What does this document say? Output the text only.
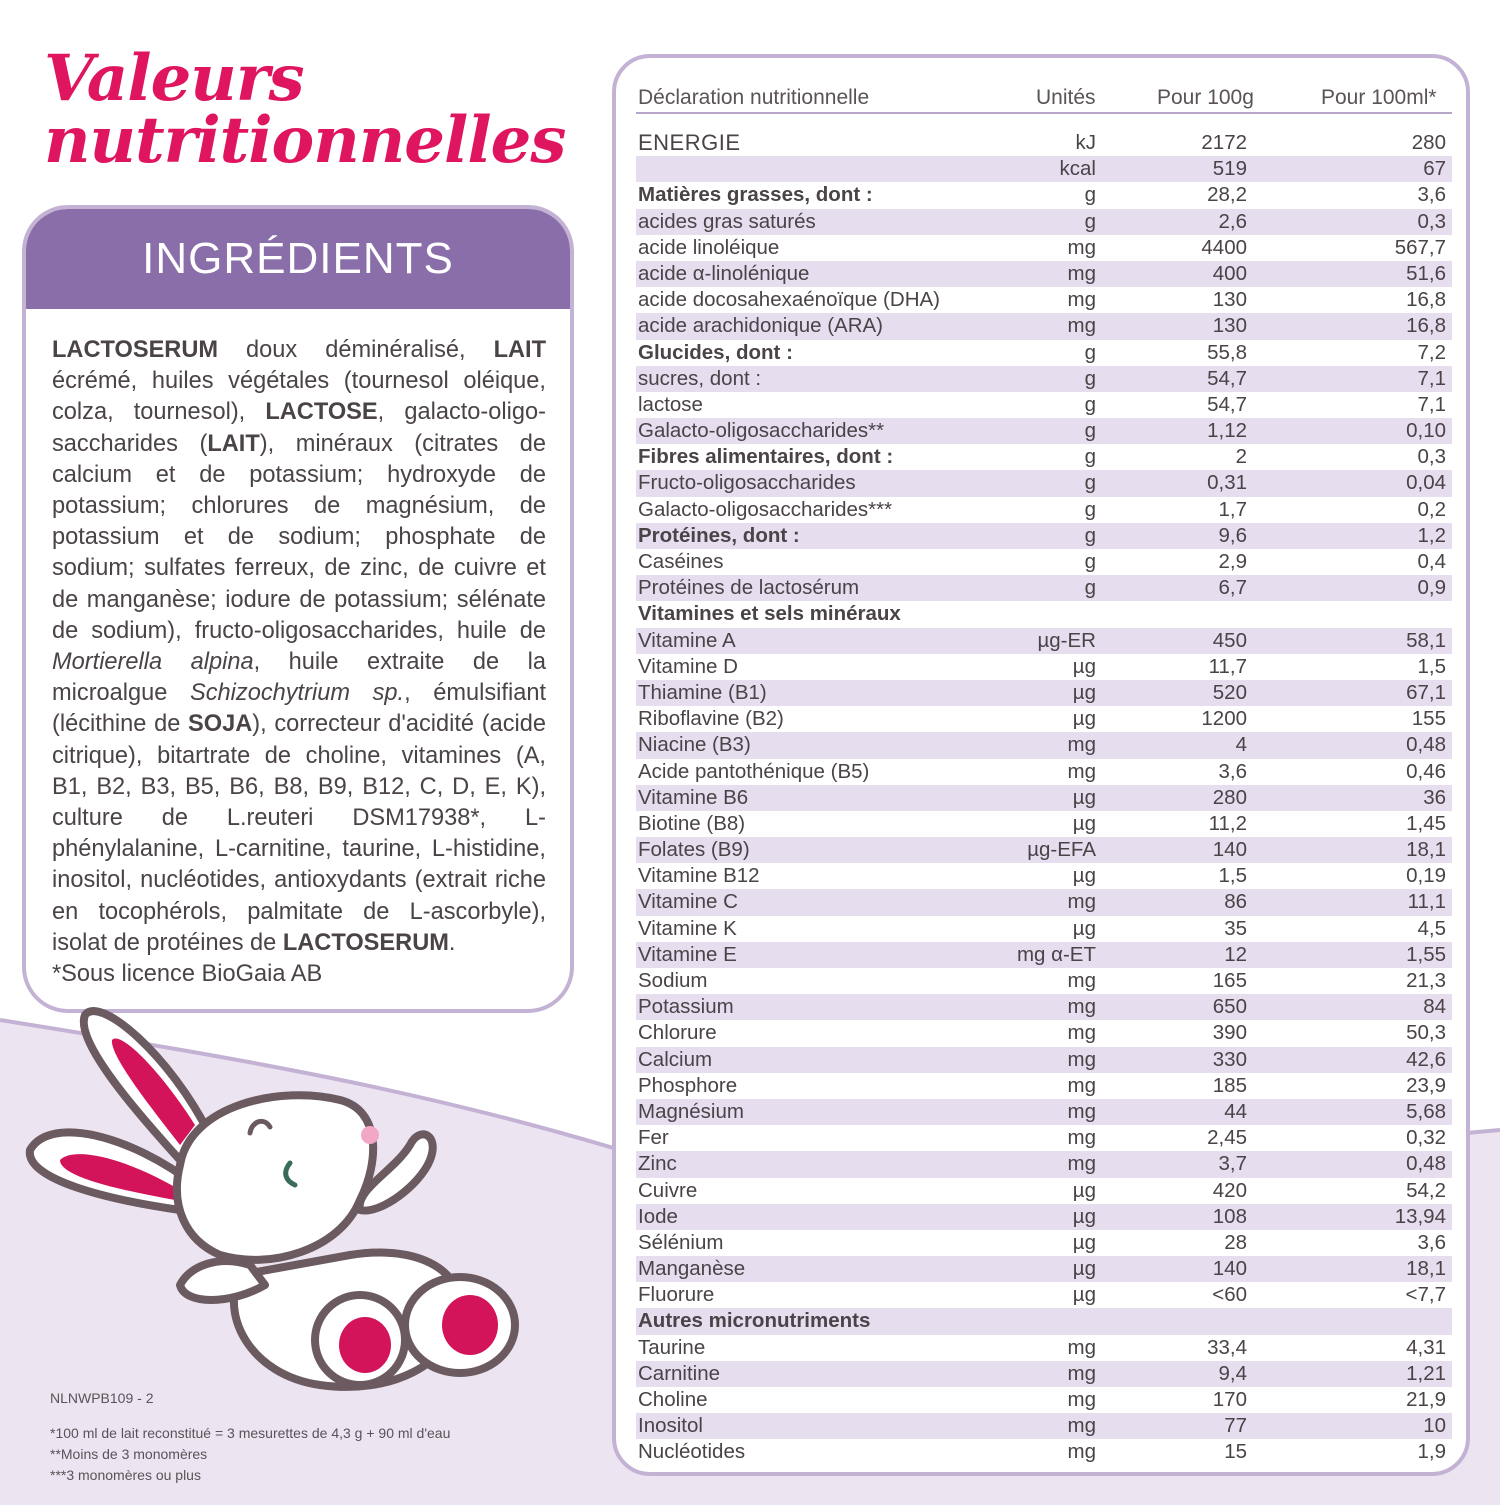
Valeurs
nutritionnelles
INGRÉDIENTS
LACTOSERUM doux déminéralisé, LAIT écrémé, huiles végétales (tournesol oléique, colza, tournesol), LACTOSE, galacto-oligo-saccharides (LAIT), minéraux (citrates de calcium et de potassium; hydroxyde de potassium; chlorures de magnésium, de potassium et de sodium; phosphate de sodium; sulfates ferreux, de zinc, de cuivre et de manganèse; iodure de potassium; sélénate de sodium), fructo-oligosaccharides, huile de Mortierella alpina, huile extraite de la microalgue Schizochytrium sp., émulsifiant (lécithine de SOJA), correcteur d'acidité (acide citrique), bitartrate de choline, vitamines (A, B1, B2, B3, B5, B6, B8, B9, B12, C, D, E, K), culture de L.reuteri DSM17938*, L-phénylalanine, L-carnitine, taurine, L-histidine, inositol, nucléotides, antioxydants (extrait riche en tocophérols, palmitate de L-ascorbyle), isolat de protéines de LACTOSERUM.
*Sous licence BioGaia AB
NLNWPB109 - 2
*100 ml de lait reconstitué = 3 mesurettes de 4,3 g + 90 ml d'eau
**Moins de 3 monomères
***3 monomères ou plus
Déclaration nutritionnelle	Unités	Pour 100g	Pour 100ml*
ENERGIE	kJ	2172	280
kcal	519	67
Matières grasses, dont :	g	28,2	3,6
acides gras saturés	g	2,6	0,3
acide linoléique	mg	4400	567,7
acide α-linolénique	mg	400	51,6
acide docosahexaénoïque (DHA)	mg	130	16,8
acide arachidonique (ARA)	mg	130	16,8
Glucides, dont :	g	55,8	7,2
sucres, dont :	g	54,7	7,1
lactose	g	54,7	7,1
Galacto-oligosaccharides**	g	1,12	0,10
Fibres alimentaires, dont :	g	2	0,3
Fructo-oligosaccharides	g	0,31	0,04
Galacto-oligosaccharides***	g	1,7	0,2
Protéines, dont :	g	9,6	1,2
Caséines	g	2,9	0,4
Protéines de lactosérum	g	6,7	0,9
Vitamines et sels minéraux
Vitamine A	µg-ER	450	58,1
Vitamine D	µg	11,7	1,5
Thiamine (B1)	µg	520	67,1
Riboflavine (B2)	µg	1200	155
Niacine (B3)	mg	4	0,48
Acide pantothénique (B5)	mg	3,6	0,46
Vitamine B6	µg	280	36
Biotine (B8)	µg	11,2	1,45
Folates (B9)	µg-EFA	140	18,1
Vitamine B12	µg	1,5	0,19
Vitamine C	mg	86	11,1
Vitamine K	µg	35	4,5
Vitamine E	mg α-ET	12	1,55
Sodium	mg	165	21,3
Potassium	mg	650	84
Chlorure	mg	390	50,3
Calcium	mg	330	42,6
Phosphore	mg	185	23,9
Magnésium	mg	44	5,68
Fer	mg	2,45	0,32
Zinc	mg	3,7	0,48
Cuivre	µg	420	54,2
Iode	µg	108	13,94
Sélénium	µg	28	3,6
Manganèse	µg	140	18,1
Fluorure	µg	<60	<7,7
Autres micronutriments
Taurine	mg	33,4	4,31
Carnitine	mg	9,4	1,21
Choline	mg	170	21,9
Inositol	mg	77	10
Nucléotides	mg	15	1,9
